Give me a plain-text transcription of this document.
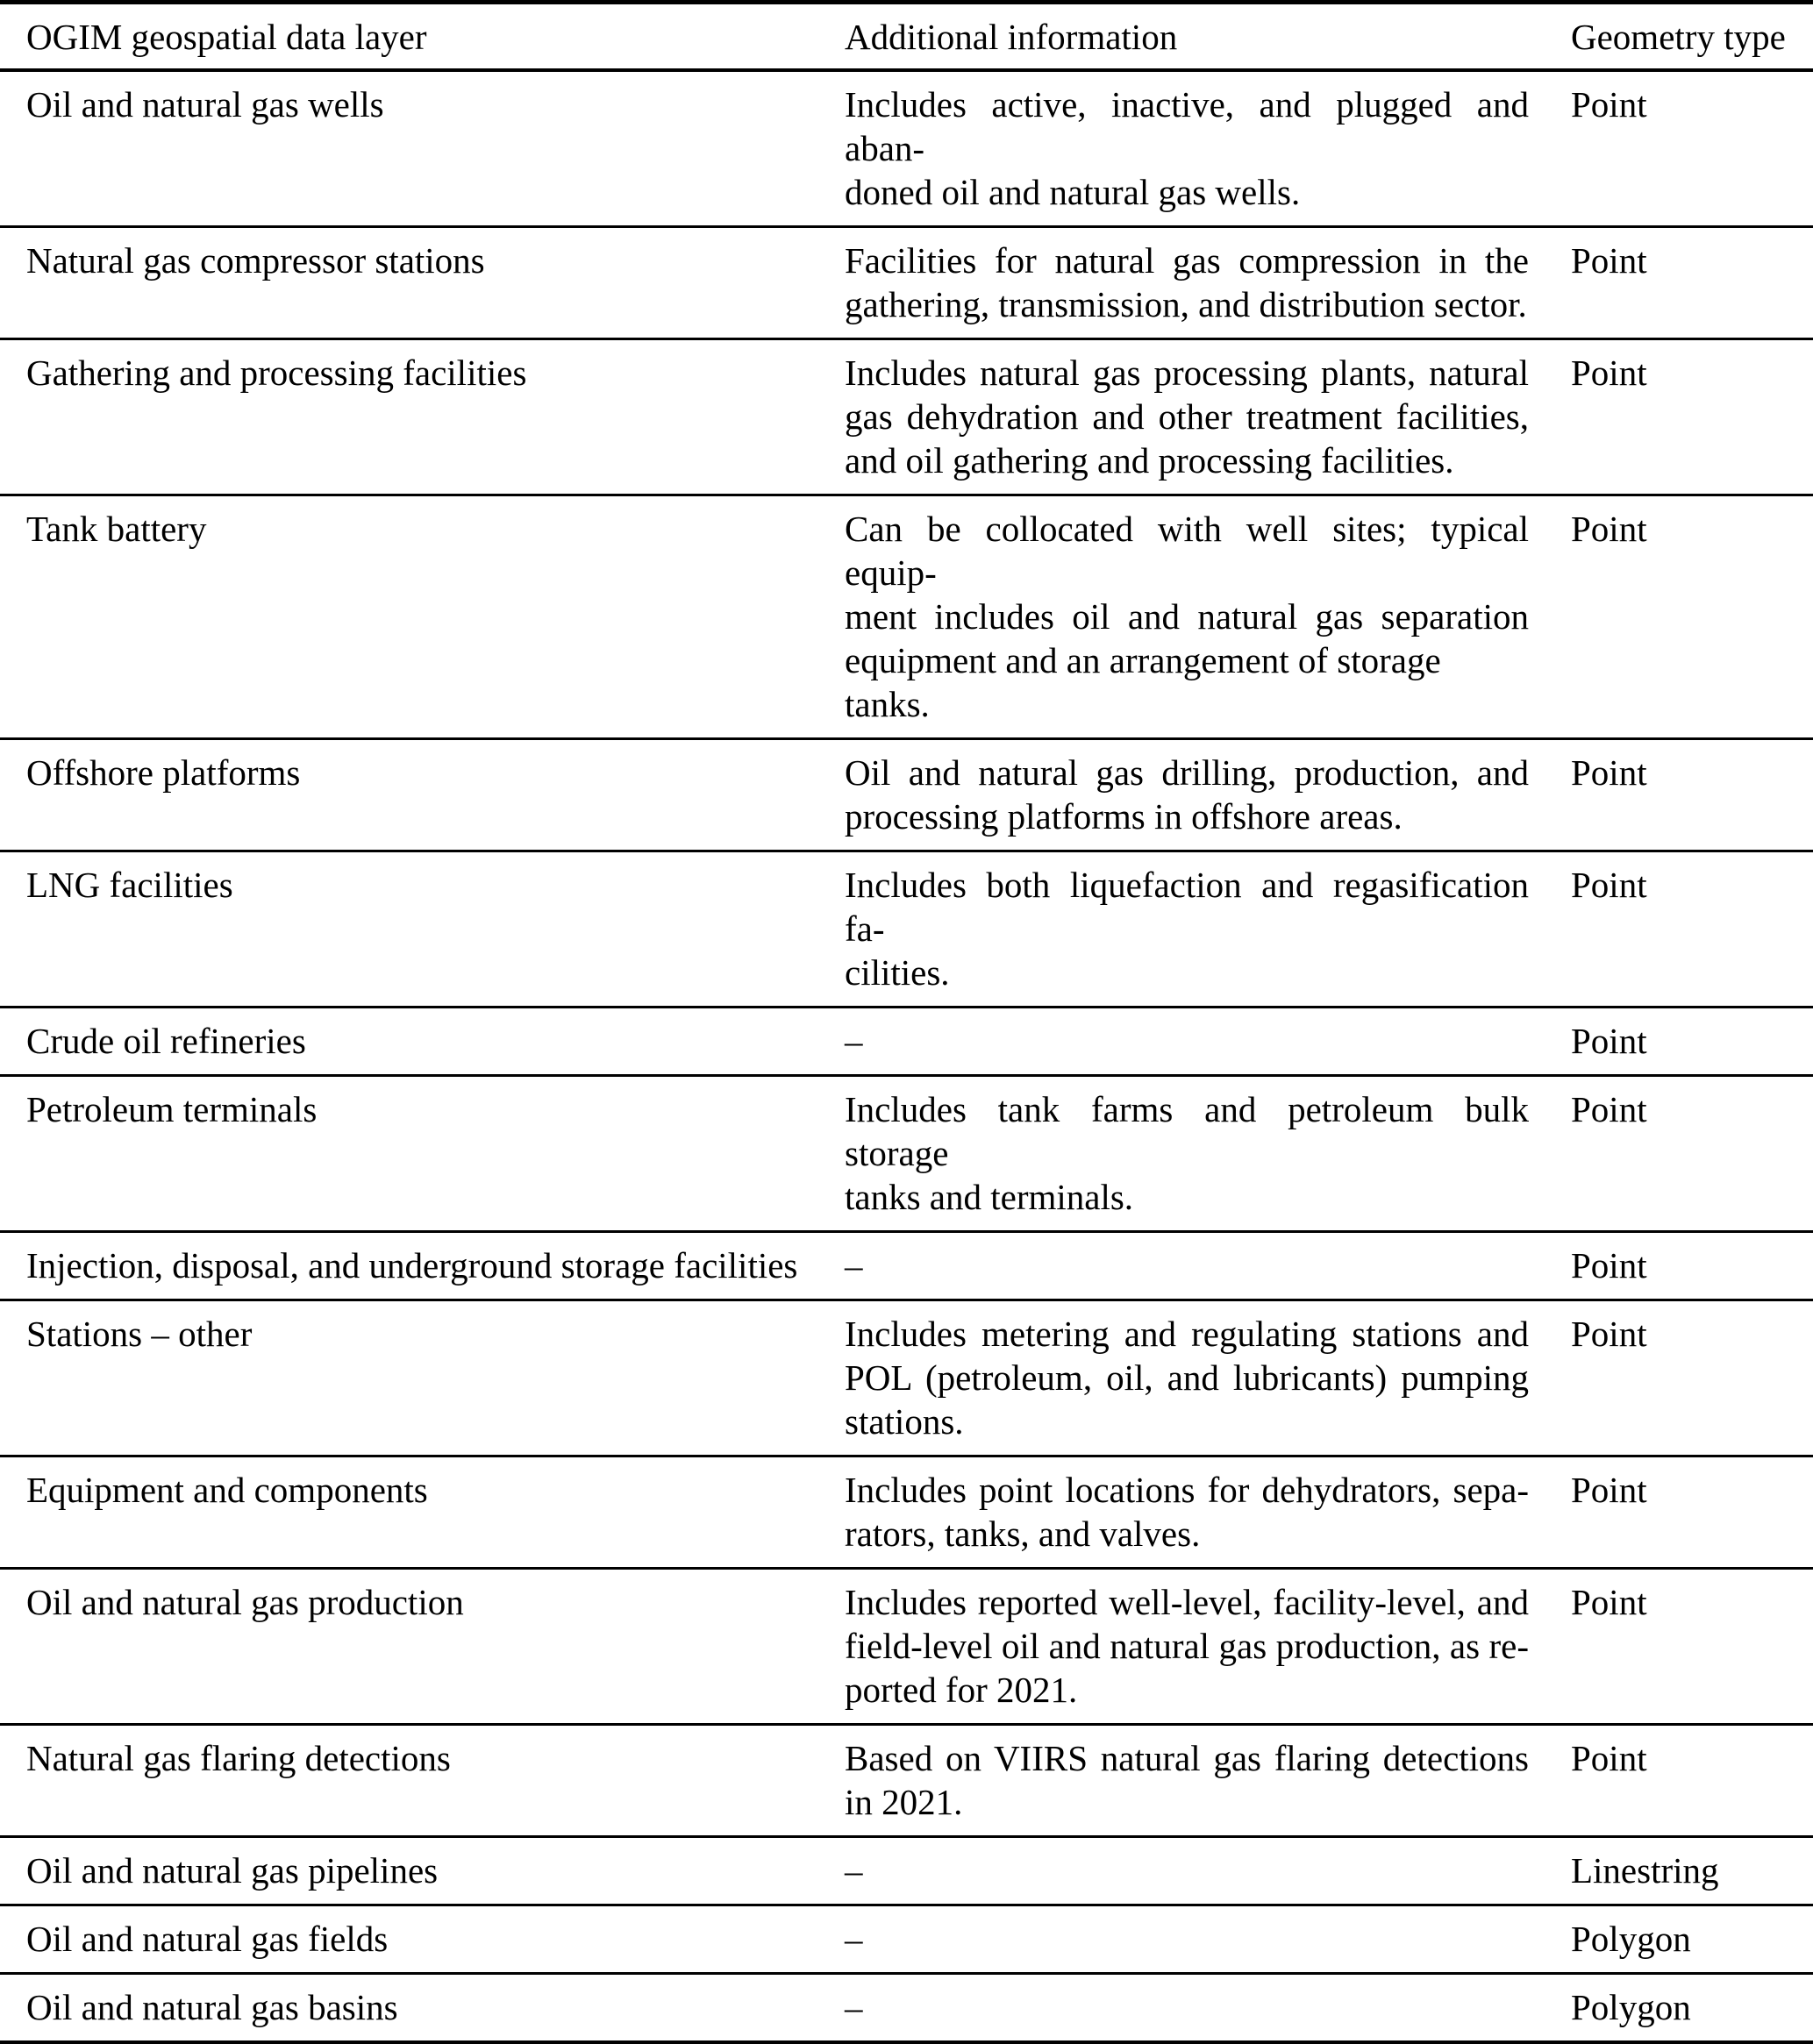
OGIM geospatial data layer	Additional information	Geometry type
Oil and natural gas wells	Includes active, inactive, and plugged and aban-
doned oil and natural gas wells.	Point
Natural gas compressor stations	Facilities for natural gas compression in the
gathering, transmission, and distribution sector.	Point
Gathering and processing facilities	Includes natural gas processing plants, natural
gas dehydration and other treatment facilities,
and oil gathering and processing facilities.	Point
Tank battery	Can be collocated with well sites; typical equip-
ment includes oil and natural gas separation
equipment and an arrangement of storage tanks.	Point
Offshore platforms	Oil and natural gas drilling, production, and
processing platforms in offshore areas.	Point
LNG facilities	Includes both liquefaction and regasification fa-
cilities.	Point
Crude oil refineries	–	Point
Petroleum terminals	Includes tank farms and petroleum bulk storage
tanks and terminals.	Point
Injection, disposal, and underground storage facilities	–	Point
Stations – other	Includes metering and regulating stations and
POL (petroleum, oil, and lubricants) pumping
stations.	Point
Equipment and components	Includes point locations for dehydrators, sepa-
rators, tanks, and valves.	Point
Oil and natural gas production	Includes reported well-level, facility-level, and
field-level oil and natural gas production, as re-
ported for 2021.	Point
Natural gas flaring detections	Based on VIIRS natural gas flaring detections
in 2021.	Point
Oil and natural gas pipelines	–	Linestring
Oil and natural gas fields	–	Polygon
Oil and natural gas basins	–	Polygon
